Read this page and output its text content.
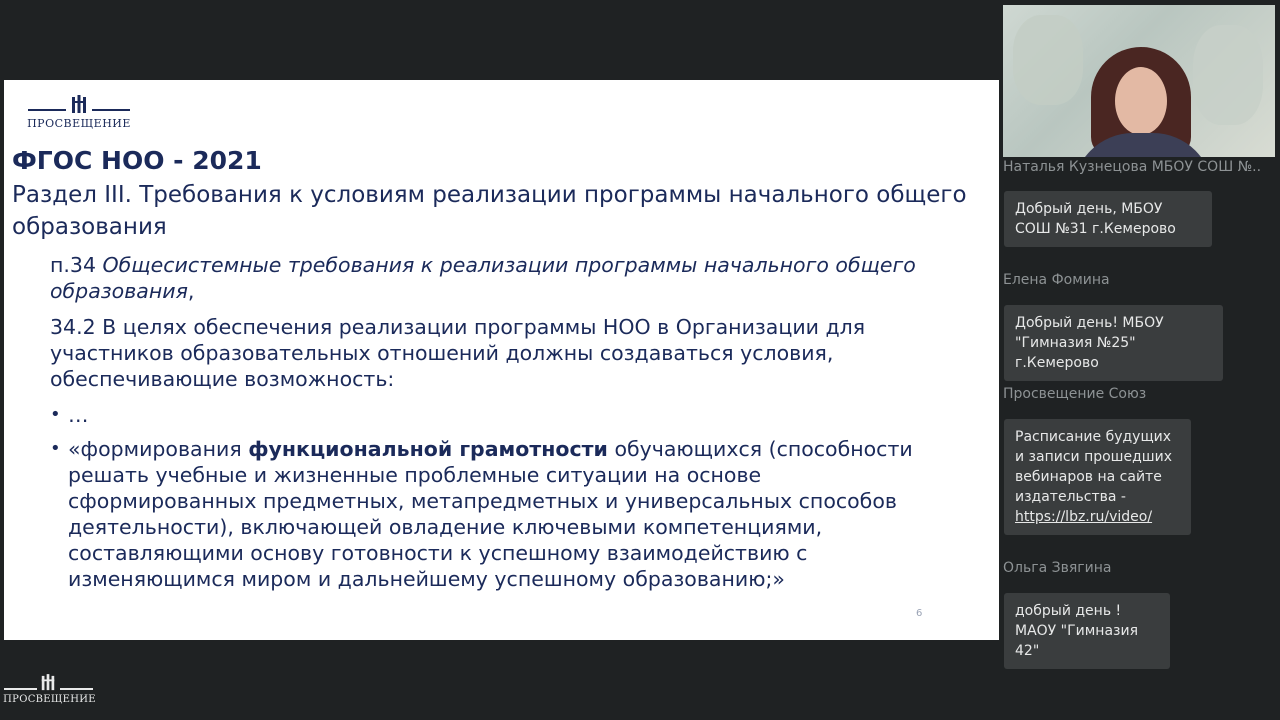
ПРОСВЕЩЕНИЕ
ФГОС НОО - 2021
Раздел III. Требования к условиям реализации программы начального общего образования
п.34 Общесистемные требования к реализации программы начального общего образования,
34.2 В целях обеспечения реализации программы НОО в Организации для участников образовательных отношений должны создаваться условия, обеспечивающие возможность:
• …
• «формирования функциональной грамотности обучающихся (способности решать учебные и жизненные проблемные ситуации на основе сформированных предметных, метапредметных и универсальных способов деятельности), включающей овладение ключевыми компетенциями, составляющими основу готовности к успешному взаимодействию с изменяющимся миром и дальнейшему успешному образованию;»
6
Наталья Кузнецова МБОУ СОШ №..
Добрый день, МБОУ СОШ №31 г.Кемерово
Елена Фомина
Добрый день! МБОУ "Гимназия №25" г.Кемерово
Просвещение Союз
Расписание будущих и записи прошедших вебинаров на сайте издательства - https://lbz.ru/video/
Ольга Звягина
добрый день !МАОУ "Гимназия 42"
ПРОСВЕЩЕНИЕ
